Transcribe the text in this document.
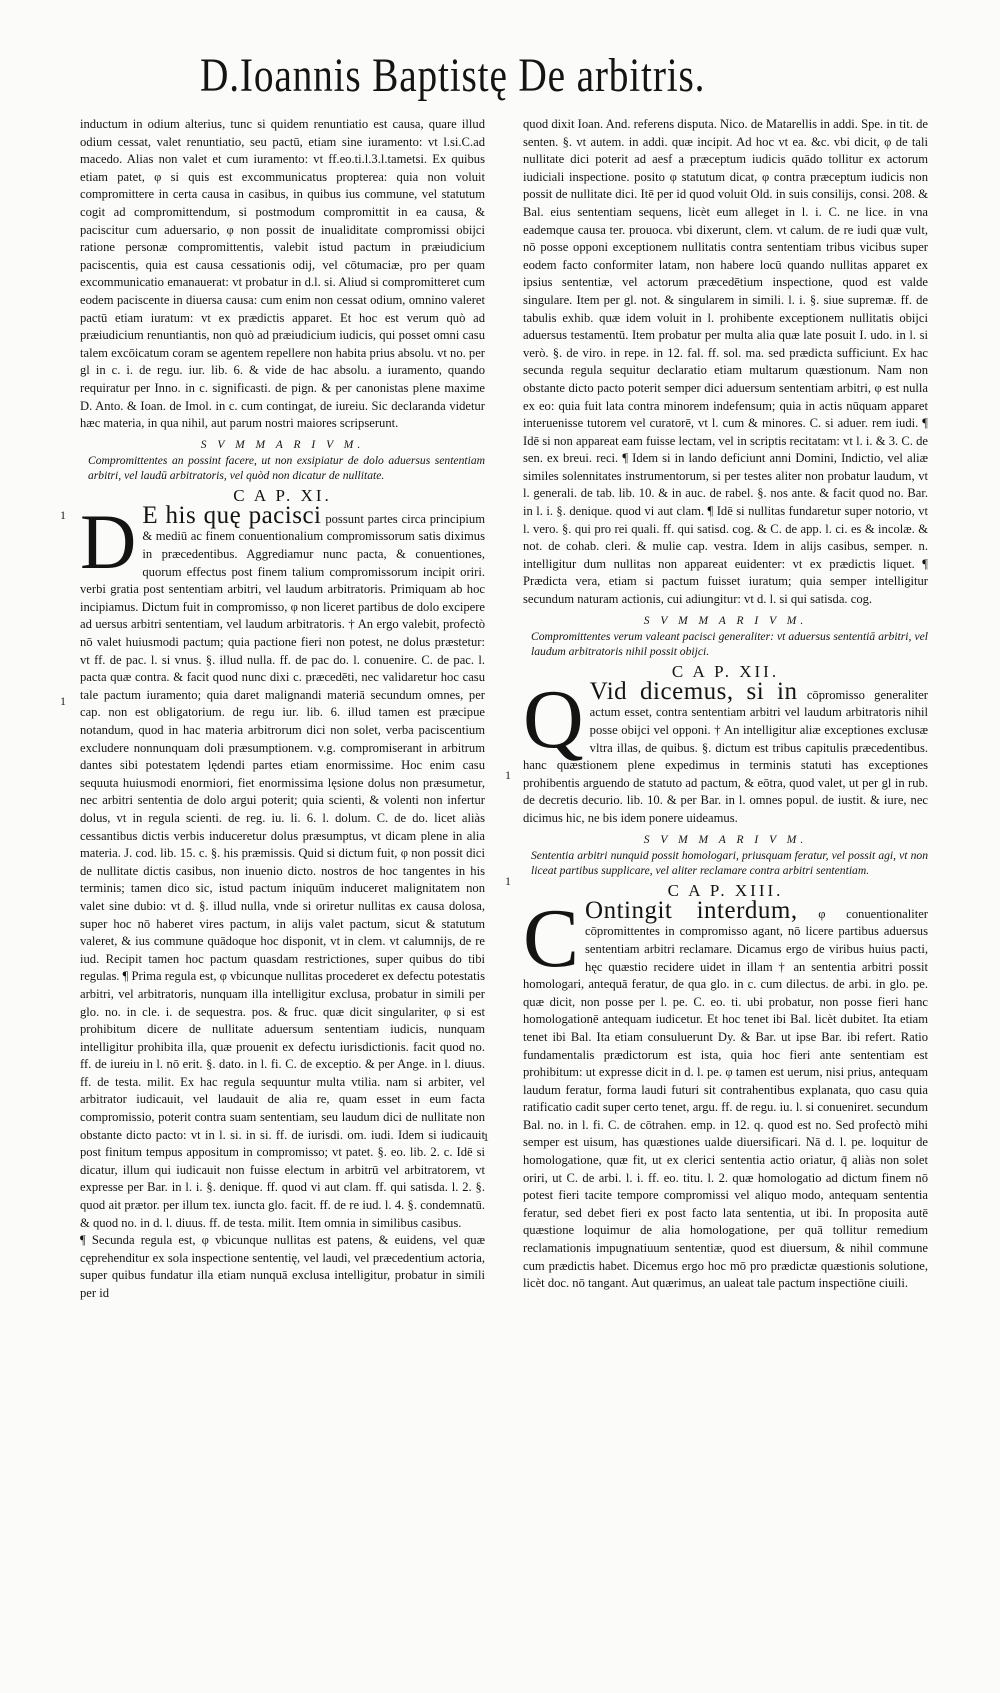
D.Ioannis Baptistę De arbitris.
1
1
1
1
1

inductum in odium alterius, tunc si quidem renuntiatio est causa, quare illud odium cessat, valet renuntiatio, seu pactū, etiam sine iuramento: vt l.si.C.ad macedo. Alias non valet et cum iuramento: vt ff.eo.ti.l.3.l.tametsi. Ex quibus etiam patet, φ si quis est excommunicatus propterea: quia non voluit compromittere in certa causa in casibus, in quibus ius commune, vel statutum cogit ad compromittendum, si postmodum compromittit in ea causa, & paciscitur cum aduersario, φ non possit de inualiditate compromissi obijci ratione personæ compromittentis, valebit istud pactum in præiudicium paciscentis, quia est causa cessationis odij, vel cōtumaciæ, pro per quam excommunicatio emanauerat: vt probatur in d.l. si. Aliud si compromitteret cum eodem paciscente in diuersa causa: cum enim non cessat odium, omnino valeret pactū etiam iuratum: vt ex prædictis apparet. Et hoc est verum quò ad præiudicium renuntiantis, non quò ad præiudicium iudicis, qui posset omni casu talem excōicatum coram se agentem repellere non habita prius absolu. vt no. per gl in c. i. de regu. iur. lib. 6. & vide de hac absolu. a iuramento, quando requiratur per Inno. in c. significasti. de pign. & per canonistas plene maxime D. Anto. & Ioan. de Imol. in c. cum contingat, de iureiu. Sic declaranda videtur hæc materia, in qua nihil, aut parum nostri maiores scripserunt.

S V M M A R I V M.

Compromittentes an possint facere, ut non exsipiatur de dolo aduersus sententiam arbitri, vel laudū arbitratoris, vel quòd non dicatur de nullitate.

C A P. XI.

D E his quę pacisci possunt partes circa principium & mediū ac finem conuentionalium compromissorum satis diximus in præcedentibus. Aggrediamur nunc pacta, & conuentiones, quorum effectus post finem talium compromissorum incipit oriri. verbi gratia post sententiam arbitri, vel laudum arbitratoris. Primiquam ab hoc incipiamus. Dictum fuit in compromisso, φ non liceret partibus de dolo excipere ad uersus arbitri sententiam, vel laudum arbitratoris. † An ergo valebit, profectò nō valet huiusmodi pactum; quia pactione fieri non potest, ne dolus præstetur: vt ff. de pac. l. si vnus. §. illud nulla. ff. de pac do. l. conuenire. C. de pac. l. pacta quæ contra. & facit quod nunc dixi c. præcedēti, nec validaretur hoc casu tale pactum iuramento; quia daret malignandi materiā secundum omnes, per cap. non est obligatorium. de regu iur. lib. 6. illud tamen est præcipue notandum, quod in hac materia arbitrorum dici non solet, verba paciscentium excludere nonnunquam doli præsumptionem. v.g. compromiserant in arbitrum dantes sibi potestatem lędendi partes etiam enormissime. Hoc enim casu sequuta huiusmodi enormiori, fiet enormissima lęsione dolus non præsumetur, nec arbitri sententia de dolo argui poterit; quia scienti, & volenti non infertur dolus, vt in regula scienti. de reg. iu. li. 6. l. dolum. C. de do. licet aliàs cessantibus dictis verbis induceretur dolus præsumptus, vt dicam plene in alia materia. J. cod. lib. 15. c. §. his præmissis. Quid si dictum fuit, φ non possit dici de nullitate dictis casibus, non inuenio dicto. nostros de hoc tangentes in his terminis; tamen dico sic, istud pactum iniquūm induceret malignitatem non valet sine dubio: vt d. §. illud nulla, vnde si oriretur nullitas ex causa dolosa, super hoc nō haberet vires pactum, in alijs valet pactum, sicut & statutum valeret, & ius commune quādoque hoc disponit, vt in clem. vt calumnijs, de re iud. Recipit tamen hoc pactum quasdam restrictiones, super quibus do tibi regulas. ¶ Prima regula est, φ vbicunque nullitas procederet ex defectu potestatis arbitri, vel arbitratoris, nunquam illa intelligitur exclusa, probatur in simili per glo. no. in cle. i. de sequestra. pos. & fruc. quæ dicit singulariter, φ si est prohibitum dicere de nullitate aduersum sententiam iudicis, nunquam intelligitur prohibita illa, quæ prouenit ex defectu iurisdictionis. facit quod no. ff. de iureiu in l. nō erit. §. dato. in l. fi. C. de exceptio. & per Ange. in l. diuus. ff. de testa. milit. Ex hac regula sequuntur multa vtilia. nam si arbiter, vel arbitrator iudicauit, vel laudauit de alia re, quam esset in eum facta compromissio, poterit contra suam sententiam, seu laudum dici de nullitate non obstante dicto pacto: vt in l. si. in si. ff. de iurisdi. om. iudi. Idem si iudicauit post finitum tempus appositum in compromisso; vt patet. §. eo. lib. 2. c. Idē si dicatur, illum qui iudicauit non fuisse electum in arbitrū vel arbitratorem, vt expresse per Bar. in l. i. §. denique. ff. quod vi aut clam. ff. qui satisda. l. 2. §. quod ait prætor. per illum tex. iuncta glo. facit. ff. de re iud. l. 4. §. condemnatū. & quod no. in d. l. diuus. ff. de testa. milit. Item omnia in similibus casibus.

¶ Secunda regula est, φ vbicunque nullitas est patens, & euidens, vel quæ cęprehenditur ex sola inspectione sententię, vel laudi, vel præcedentium actoria, super quibus fundatur illa etiam nunquā exclusa intelligitur, probatur in simili per id

quod dixit Ioan. And. referens disputa. Nico. de Matarellis in addi. Spe. in tit. de senten. §. vt autem. in addi. quæ incipit. Ad hoc vt ea. &c. vbi dicit, φ de tali nullitate dici poterit ad aesf a præceptum iudicis quādo tollitur ex actorum iudiciali inspectione. posito φ statutum dicat, φ contra præceptum iudicis non possit de nullitate dici. Itē per id quod voluit Old. in suis consilijs, consi. 208. & Bal. eius sententiam sequens, licèt eum alleget in l. i. C. ne lice. in vna eademque causa ter. prouoca. vbi dixerunt, clem. vt calum. de re iudi quæ vult, nō posse opponi exceptionem nullitatis contra sententiam tribus vicibus super eodem facto conformiter latam, non habere locū quando nullitas apparet ex ipsius sententiæ, vel actorum præcedētium inspectione, quod est valde singulare. Item per gl. not. & singularem in simili. l. i. §. siue supremæ. ff. de tabulis exhib. quæ idem voluit in l. prohibente exceptionem nullitatis obijci aduersus testamentū. Item probatur per multa alia quæ late posuit I. udo. in l. si verò. §. de viro. in repe. in 12. fal. ff. sol. ma. sed prædicta sufficiunt. Ex hac secunda regula sequitur declaratio etiam multarum quæstionum. Nam non obstante dicto pacto poterit semper dici aduersum sententiam arbitri, φ est nulla ex eo: quia fuit lata contra minorem indefensum; quia in actis nūquam apparet interuenisse tutorem vel curatorē, vt l. cum & minores. C. si aduer. rem iudi. ¶ Idē si non appareat eam fuisse lectam, vel in scriptis recitatam: vt l. i. & 3. C. de sen. ex breui. reci. ¶ Idem si in lando deficiunt anni Domini, Indictio, vel aliæ similes solennitates instrumentorum, si per testes aliter non probatur laudum, vt l. generali. de tab. lib. 10. & in auc. de rabel. §. nos ante. & facit quod no. Bar. in l. i. §. denique. quod vi aut clam. ¶ Idē si nullitas fundaretur super notorio, vt l. vero. §. qui pro rei quali. ff. qui satisd. cog. & C. de app. l. ci. es & incolæ. & not. de cohab. cleri. & mulie cap. vestra. Idem in alijs casibus, semper. n. intelligitur dum nullitas non appareat euidenter: vt ex prædictis liquet. ¶ Prædicta vera, etiam si pactum fuisset iuratum; quia semper intelligitur secundum naturam actionis, cui adiungitur: vt d. l. si qui satisda. cog.

S V M M A R I V M.

Compromittentes verum valeant pacisci generaliter: vt aduersus sententiā arbitri, vel laudum arbitratoris nihil possit obijci.

C A P. XII.

Q Vid dicemus, si in cōpromisso generaliter actum esset, contra sententiam arbitri vel laudum arbitratoris nihil posse obijci vel opponi. † An intelligitur aliæ exceptiones exclusæ vltra illas, de quibus. §. dictum est tribus capitulis præcedentibus. hanc quæstionem plene expedimus in terminis statuti has exceptiones prohibentis arguendo de statuto ad pactum, & eōtra, quod valet, ut per gl in rub. de decretis decurio. lib. 10. & per Bar. in l. omnes popul. de iustit. & iure, nec dicimus hic, ne bis idem ponere uideamus.

S V M M A R I V M.

Sententia arbitri nunquid possit homologari, priusquam feratur, vel possit agi, vt non liceat partibus supplicare, vel aliter reclamare contra arbitri sententiam.

C A P. XIII.

C Ontingit interdum, φ conuentionaliter cōpromittentes in compromisso agant, nō licere partibus aduersus sententiam arbitri reclamare. Dicamus ergo de viribus huius pacti, hęc quæstio recidere uidet in illam † an sententia arbitri possit homologari, antequā feratur, de qua glo. in c. cum dilectus. de arbi. in glo. pe. quæ dicit, non posse per l. pe. C. eo. ti. ubi probatur, non posse fieri hanc homologationē antequam iudicetur. Et hoc tenet ibi Bal. licèt dubitet. Ita etiam tenet ibi Bal. Ita etiam consuluerunt Dy. & Bar. ut ipse Bar. ibi refert. Ratio fundamentalis prædictorum est ista, quia hoc fieri ante sententiam est prohibitum: ut expresse dicit in d. l. pe. φ tamen est uerum, nisi prius, antequam laudum feratur, forma laudi futuri sit contrahentibus explanata, quo casu quia ratificatio cadit super certo tenet, argu. ff. de regu. iu. l. si conueniret. secundum Bal. no. in l. fi. C. de cōtrahen. emp. in 12. q. quod est no. Sed profectò mihi semper est uisum, has quæstiones ualde diuersificari. Nā d. l. pe. loquitur de homologatione, quæ fit, ut ex clerici sententia actio oriatur, q̄ aliàs non solet oriri, ut C. de arbi. l. i. ff. eo. titu. l. 2. quæ homologatio ad dictum finem nō potest fieri tacite tempore compromissi vel aliquo modo, antequam sententia feratur, sed debet fieri ex post facto lata sententia, ut ibi. In proposita autē quæstione loquimur de alia homologatione, per quā tollitur remedium reclamationis impugnatiuum sententiæ, quod est diuersum, & nihil commune cum prædictis habet. Dicemus ergo hoc mō pro prædictæ quæstionis solutione, licèt doc. nō tangant. Aut quærimus, an ualeat tale pactum inspectiōne ciuili.
